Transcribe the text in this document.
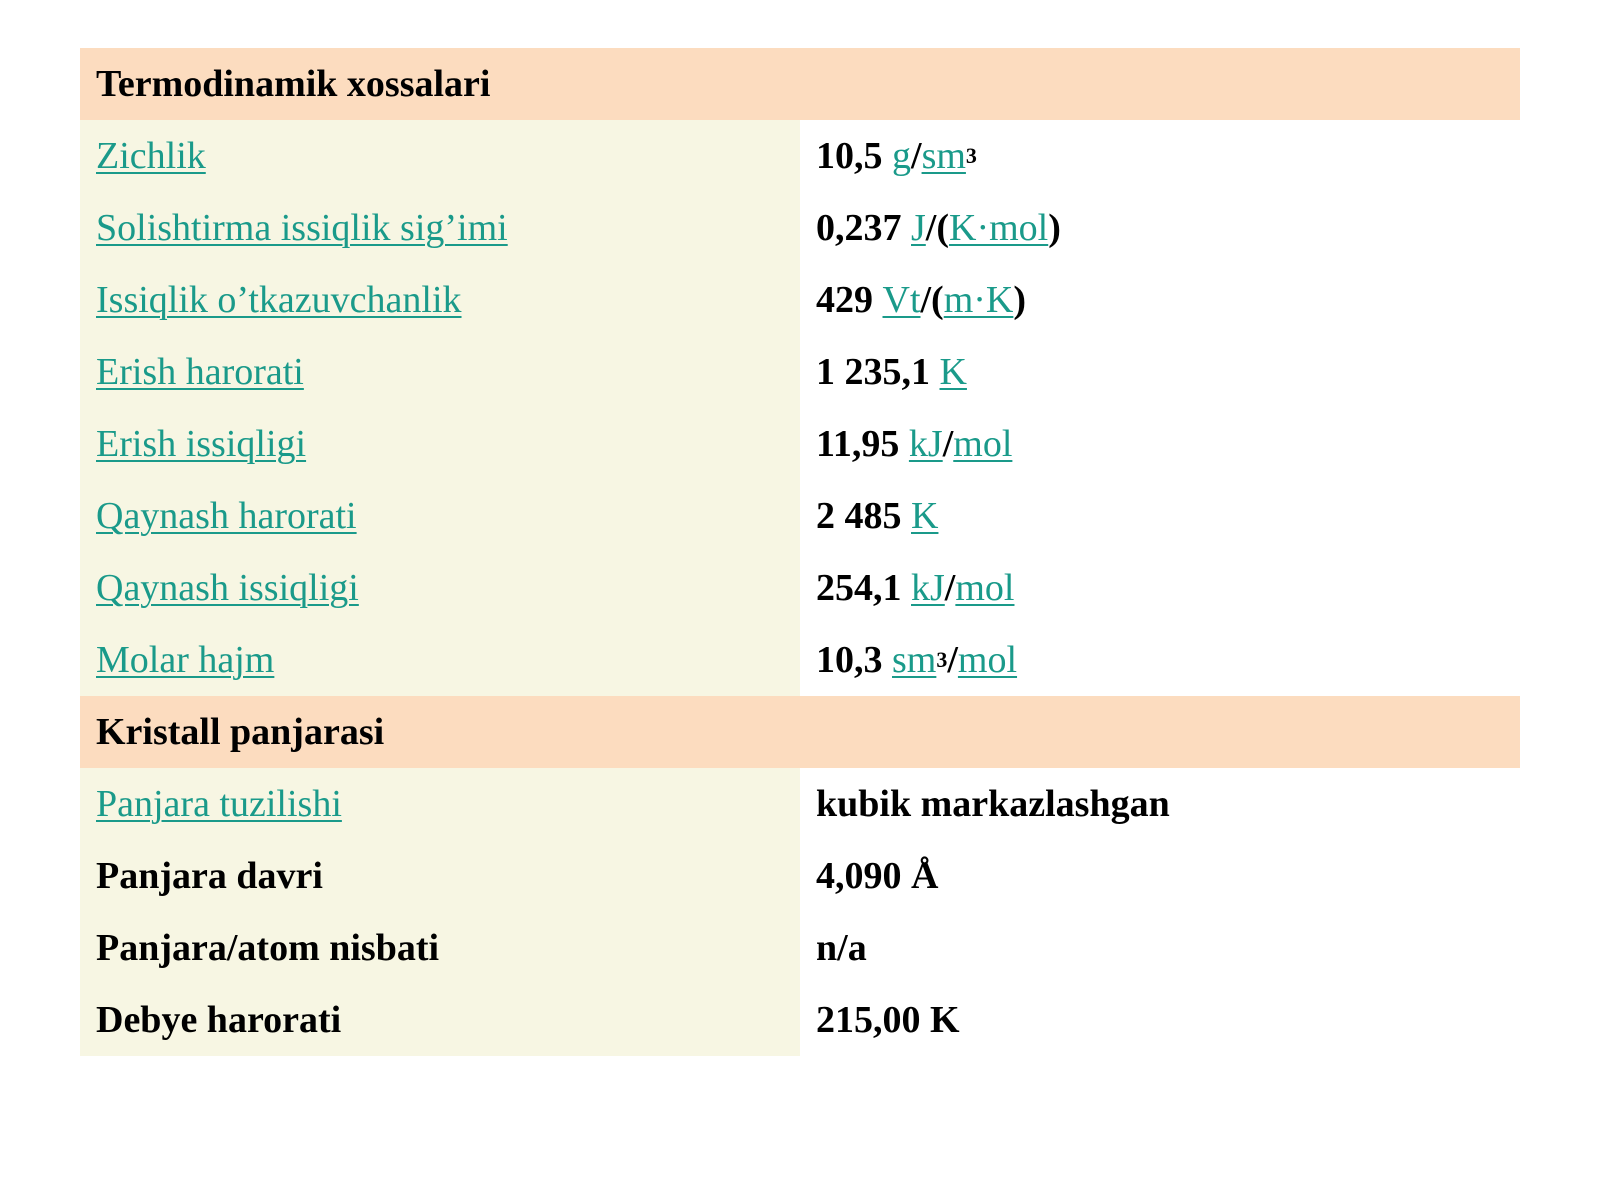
Termodinamik xossalari
Zichlik	10,5 g / sm 3
Solishtirma issiqlik sig’imi	0,237 J /( K·mol )
Issiqlik o’tkazuvchanlik	429 Vt /( m·K )
Erish harorati	1 235,1 K
Erish issiqligi	11,95 kJ / mol
Qaynash harorati	2 485 K
Qaynash issiqligi	254,1 kJ / mol
Molar hajm	10,3 sm 3 / mol
Kristall panjarasi
Panjara tuzilishi	kubik markazlashgan
Panjara davri	4,090 Å
Panjara/atom nisbati	n/a
Debye harorati	215,00 K
